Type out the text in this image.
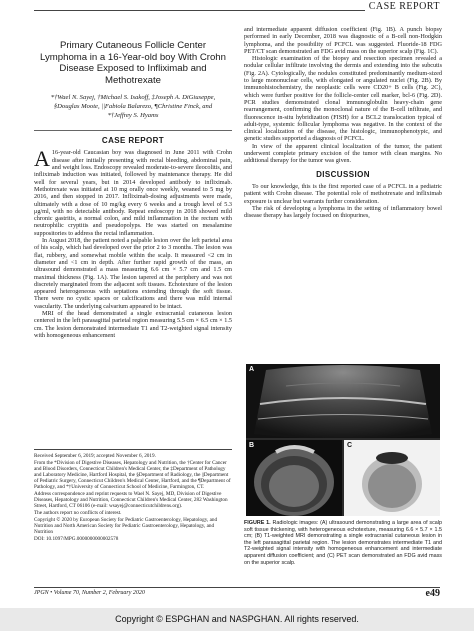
CASE REPORT
Primary Cutaneous Follicle Center Lymphoma in a 16-Year-old boy With Crohn Disease Exposed to Infliximab and Methotrexate
*†Wael N. Sayej, †Michael S. Isakoff, ‡Joseph A. DiGiuseppe, §Douglas Moote, ||Fabiola Balarezo, ¶Christine Finck, and *†Jeffrey S. Hyams
CASE REPORT

A 16-year-old Caucasian boy was diagnosed in June 2011 with Crohn disease after initially presenting with rectal bleeding, abdominal pain, and weight loss. Endoscopy revealed moderate-to-severe ileocolitis, and infliximab induction was initiated, followed by maintenance therapy. He did well for several years, but in 2014 developed antibody to infliximab. Methotrexate was initiated at 10 mg orally once weekly, weaned to 5 mg by 2016, and then stopped in 2017. Infliximab-dosing adjustments were made, ultimately with a dose of 10 mg/kg every 6 weeks and a trough level of 5.3 μg/ml, with no detectable antibody. Repeat endoscopy in 2018 showed mild chronic gastritis, a normal colon, and mild inflammation in the rectum with neutrophilic cryptitis and pseudopolyps. He was started on mesalamine suppositories to address the rectal inflammation.

In August 2018, the patient noted a palpable lesion over the left parietal area of his scalp, which had developed over the prior 2 to 3 months. The lesion was flat, rubbery, and somewhat mobile within the scalp. It measured <2 cm in diameter and <1 cm in depth. After further rapid growth of the mass, an ultrasound demonstrated a mass measuring 6.6 cm × 5.7 cm and 1.5 cm maximal thickness (Fig. 1A). The lesion tapered at the periphery and was not discretely marginated from the adjacent soft tissues. Echotexture of the lesion appeared heterogeneous with septations extending through the soft tissue. There were no cystic spaces or calcifications and there was mild internal vascularity. The underlying calvarium appeared to be intact.

MRI of the head demonstrated a single extracranial cutaneous lesion centered in the left parasagittal parietal region measuring 5.5 cm × 6.5 cm × 1.5 cm. The lesion demonstrated intermediate T1 and T2-weighted signal intensity with homogeneous enhancement

Received September 6, 2019; accepted November 6, 2019.
From the *Division of Digestive Diseases, Hepatology and Nutrition, the †Center for Cancer and Blood Disorders, Connecticut Children's Medical Center, the ‡Department of Pathology and Laboratory Medicine, Hartford Hospital, the §Department of Radiology, the ||Department of Pediatric Surgery, Connecticut Children's Medical Center, Hartford, and the ¶Department of Pathology, and *†University of Connecticut School of Medicine, Farmington, CT.
Address correspondence and reprint requests to Wael N. Sayej, MD, Division of Digestive Diseases, Hepatology and Nutrition, Connecticut Children's Medical Center, 282 Washington Street, Hartford, CT 06106 (e-mail: wsayej@connecticutchildrens.org).
The authors report no conflicts of interest.
Copyright © 2020 by European Society for Pediatric Gastroenterology, Hepatology, and Nutrition and North American Society for Pediatric Gastroenterology, Hepatology, and Nutrition
DOI: 10.1097/MPG.0000000000002578

and intermediate apparent diffusion coefficient (Fig. 1B). A punch biopsy performed in early December, 2018 was diagnostic of a B-cell non-Hodgkin lymphoma, and the possibility of PCFCL was suggested. Fluoride-18 FDG PET/CT scan demonstrated an FDG avid mass on the superior scalp (Fig. 1C).

Histologic examination of the biopsy and resection specimen revealed a nodular cellular infiltrate involving the dermis and extending into the subcutis (Fig. 2A). Cytologically, the nodules constituted predominantly medium-sized to large mononuclear cells, with elongated or angulated nuclei (Fig. 2B). By immunohistochemistry, the neoplastic cells were CD20+ B cells (Fig. 2C), which were further positive for the follicle-center cell marker, bcl-6 (Fig. 2D). PCR studies demonstrated clonal immunoglobulin heavy-chain gene rearrangement, confirming the monoclonal nature of the B-cell infiltrate, and fluorescence in-situ hybridization (FISH) for a BCL2 translocation typical of adult-type, systemic follicular lymphoma was negative. In the context of the clinical localization of the disease, the histologic, immunophenotypic, and genetic studies supported a diagnosis of PCFCL.

In view of the apparent clinical localization of the tumor, the patient underwent complete primary excision of the tumor with clean margins. No additional therapy for the tumor was given.

DISCUSSION

To our knowledge, this is the first reported case of a PCFCL in a pediatric patient with Crohn disease. The potential role of methotrexate and infliximab exposure is unclear but warrants further consideration.

The risk of developing a lymphoma in the setting of inflammatory bowel disease therapy has largely focused on thiopurines,

A
B	C
FIGURE 1. Radiologic images: (A) ultrasound demonstrating a large area of scalp soft tissue thickening, with heterogeneous echotexture, measuring 6.6 × 5.7 × 1.5 cm; (B) T1-weighted MRI demonstrating a single extracranial cutaneous lesion in the left parasagittal parietal region. The lesion demonstrates intermediate T1 and T2-weighted signal intensity with homogeneous enhancement and intermediate apparent diffusion coefficient; and (C) PET scan demonstrated an FDG avid mass on the superior scalp.
JPGN • Volume 70, Number 2, February 2020	e49
Copyright © ESPGHAN and NASPGHAN. All rights reserved.
